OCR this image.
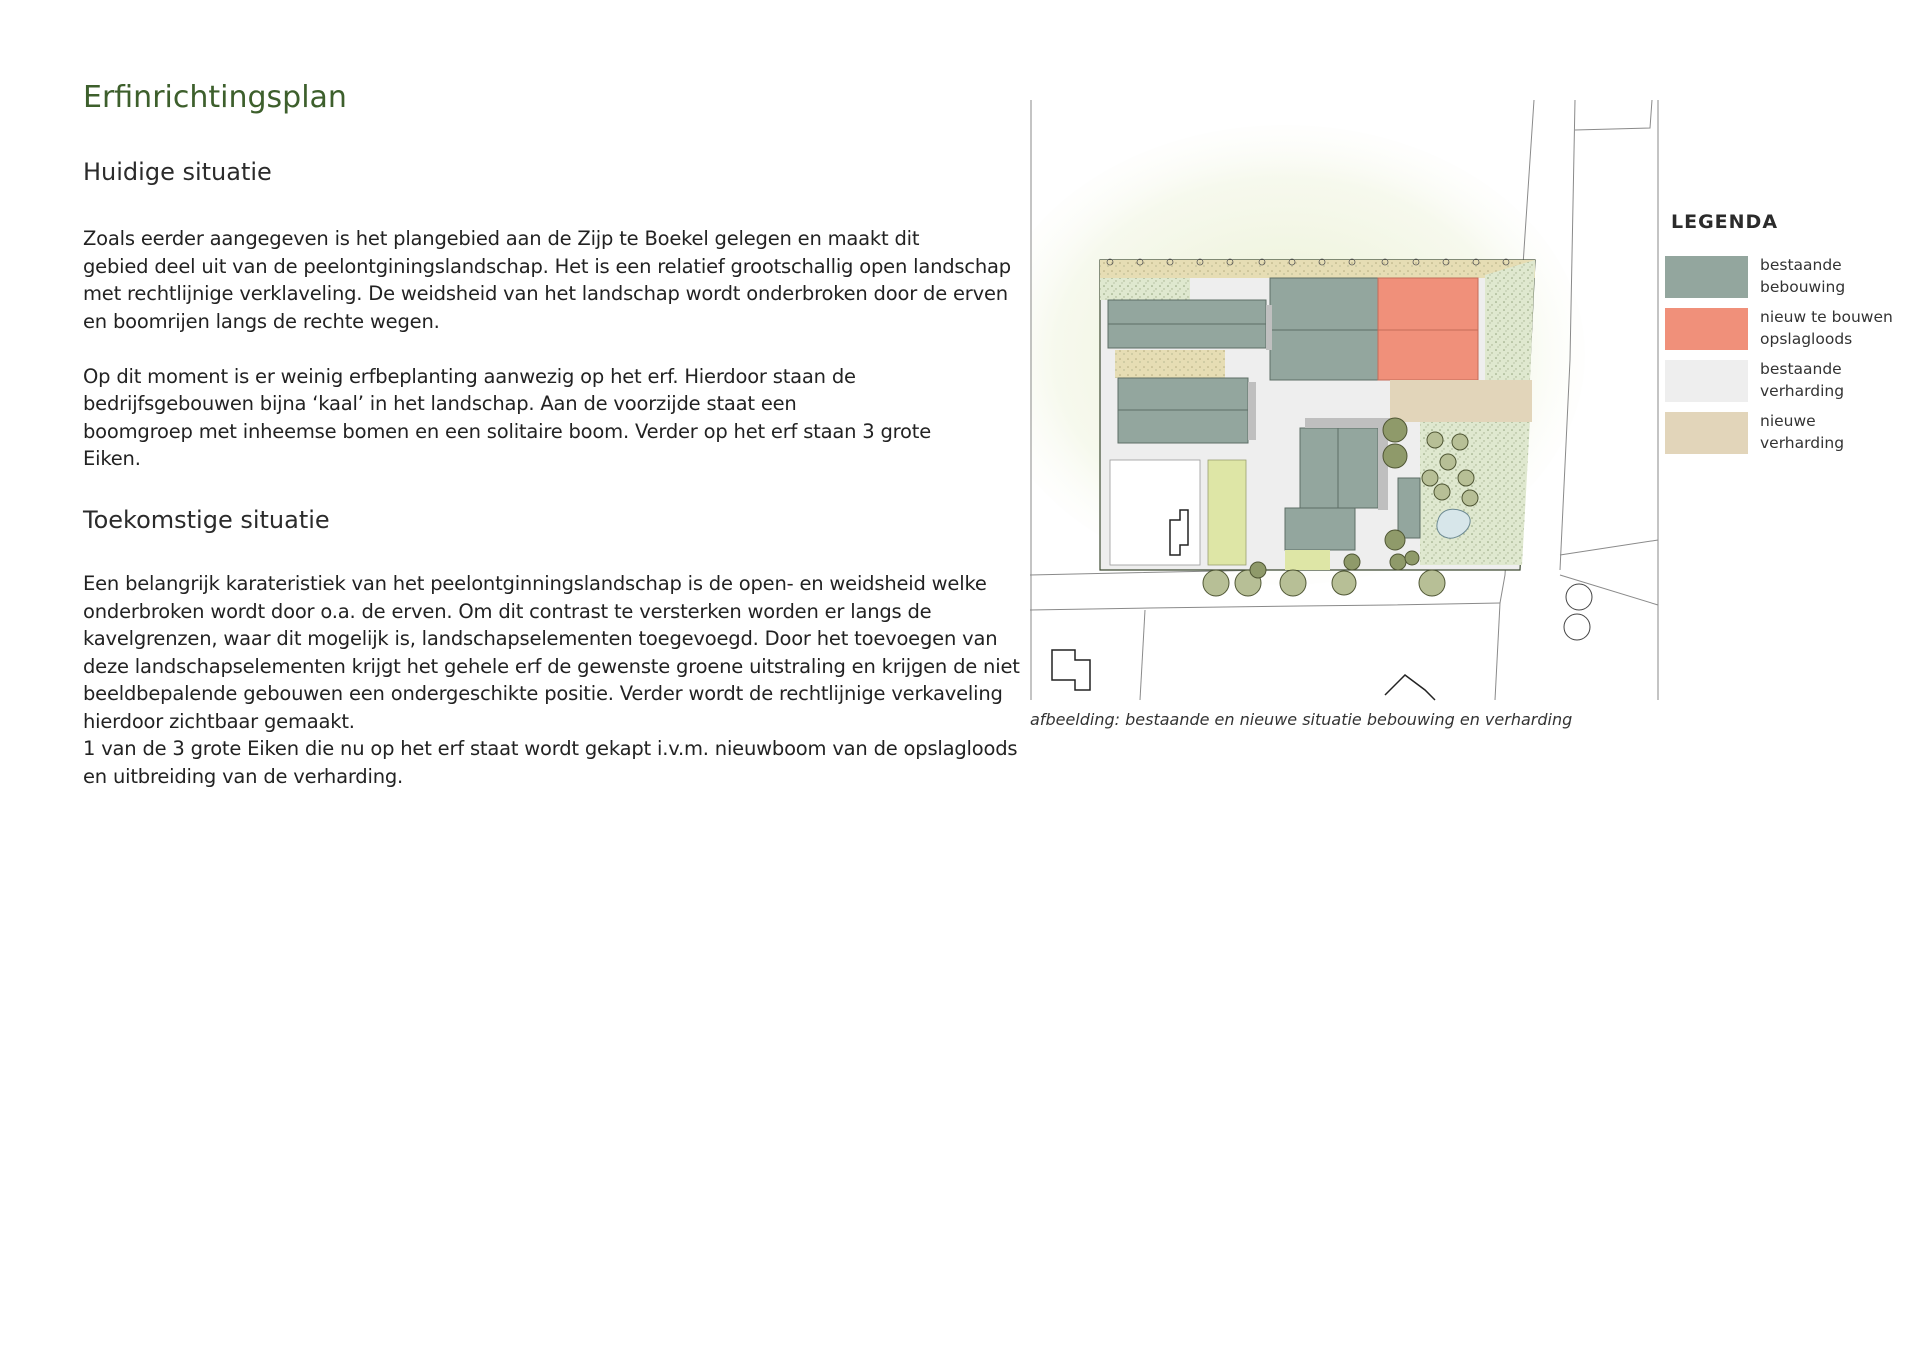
Erfinrichtingsplan
Huidige situatie
Zoals eerder aangegeven is het plangebied aan de Zijp te Boekel gelegen en maakt dit
gebied deel uit van de peelontginingslandschap. Het is een relatief grootschallig open landschap
met rechtlijnige verklaveling. De weidsheid van het landschap wordt onderbroken door de erven
en boomrijen langs de rechte wegen.
Op dit moment is er weinig erfbeplanting aanwezig op het erf. Hierdoor staan de
bedrijfsgebouwen bijna ‘kaal’ in het landschap. Aan de voorzijde staat een
boomgroep met inheemse bomen en een solitaire boom. Verder op het erf staan 3 grote
Eiken.
Toekomstige situatie
Een belangrijk karateristiek van het peelontginningslandschap is de open- en weidsheid welke
onderbroken wordt door o.a. de erven. Om dit contrast te versterken worden er langs de
kavelgrenzen, waar dit mogelijk is, landschapselementen toegevoegd. Door het toevoegen van
deze landschapselementen krijgt het gehele erf de gewenste groene uitstraling en krijgen de niet
beeldbepalende gebouwen een ondergeschikte positie. Verder wordt de rechtlijnige verkaveling
hierdoor zichtbaar gemaakt.
1 van de 3 grote Eiken die nu op het erf staat wordt gekapt i.v.m. nieuwboom van de opslagloods
en uitbreiding van de verharding.

afbeelding: bestaande en nieuwe situatie bebouwing en verharding

LEGENDA
bestaande
bebouwing
nieuw te bouwen
opslagloods
bestaande
verharding
nieuwe
verharding
